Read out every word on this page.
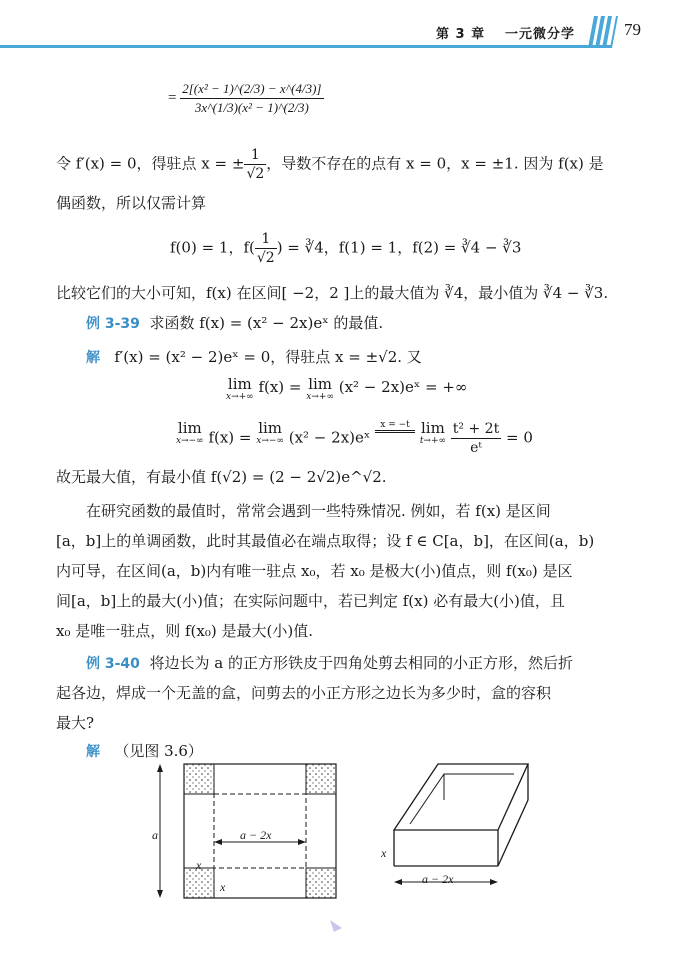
第 3 章 一元微分学	79
= $\frac{\text{2[(x² − 1)\textasciicircum{}(2/3) − x\textasciicircum{}(4/3)]}}{\text{3x\textasciicircum{}(1/3)(x² − 1)\textasciicircum{}(2/3)}}$
令 f′(x) = 0，得驻点 x = ± $\frac{1}{√2}$ ，导数不存在的点有 x = 0，x = ±1. 因为 f(x) 是
偶函数，所以仅需计算
f(0) = 1，$f( \frac{1}{√2}$ ) = ∛4，f(1) = 1，f(2) = ∛4 − ∛3
比较它们的大小可知，f(x) 在区间[ −2，2 ]上的最大值为 ∛4，最小值为 ∛4 − ∛3.
例 3-39 求函数 f(x) = (x² − 2x)eˣ 的最值.
解 f′(x) = (x² − 2)eˣ = 0，得驻点 x = ±√2. 又
lim
x→+∞
f(x) = lim
x→+∞
(x² − 2x)eˣ = +∞
lim
x→−∞ f(x) = lim
x→−∞ (x² − 2x)eˣ x = −t lim
t→+∞
$\frac{\text{t² + 2t}}{\text{eᵗ}} = 0$
故无最大值，有最小值 f(√2) = (2 − 2√2)e^√2.
在研究函数的最值时，常常会遇到一些特殊情况. 例如，若 f(x) 是区间
[a，b]上的单调函数，此时其最值必在端点取得；设 f ∈ C[a，b]，在区间(a，b)
内可导，在区间(a，b)内有唯一驻点 x₀，若 x₀ 是极大(小)值点，则 f(x₀) 是区
间[a，b]上的最大(小)值；在实际问题中，若已判定 f(x) 必有最大(小)值，且
x₀ 是唯一驻点，则 f(x₀) 是最大(小)值.
例 3-40 将边长为 a 的正方形铁皮于四角处剪去相同的小正方形，然后折
起各边，焊成一个无盖的盒，问剪去的小正方形之边长为多少时，盒的容积
最大?
解 （见图 3.6）
a	a − 2x
x
x
x
a − 2x
